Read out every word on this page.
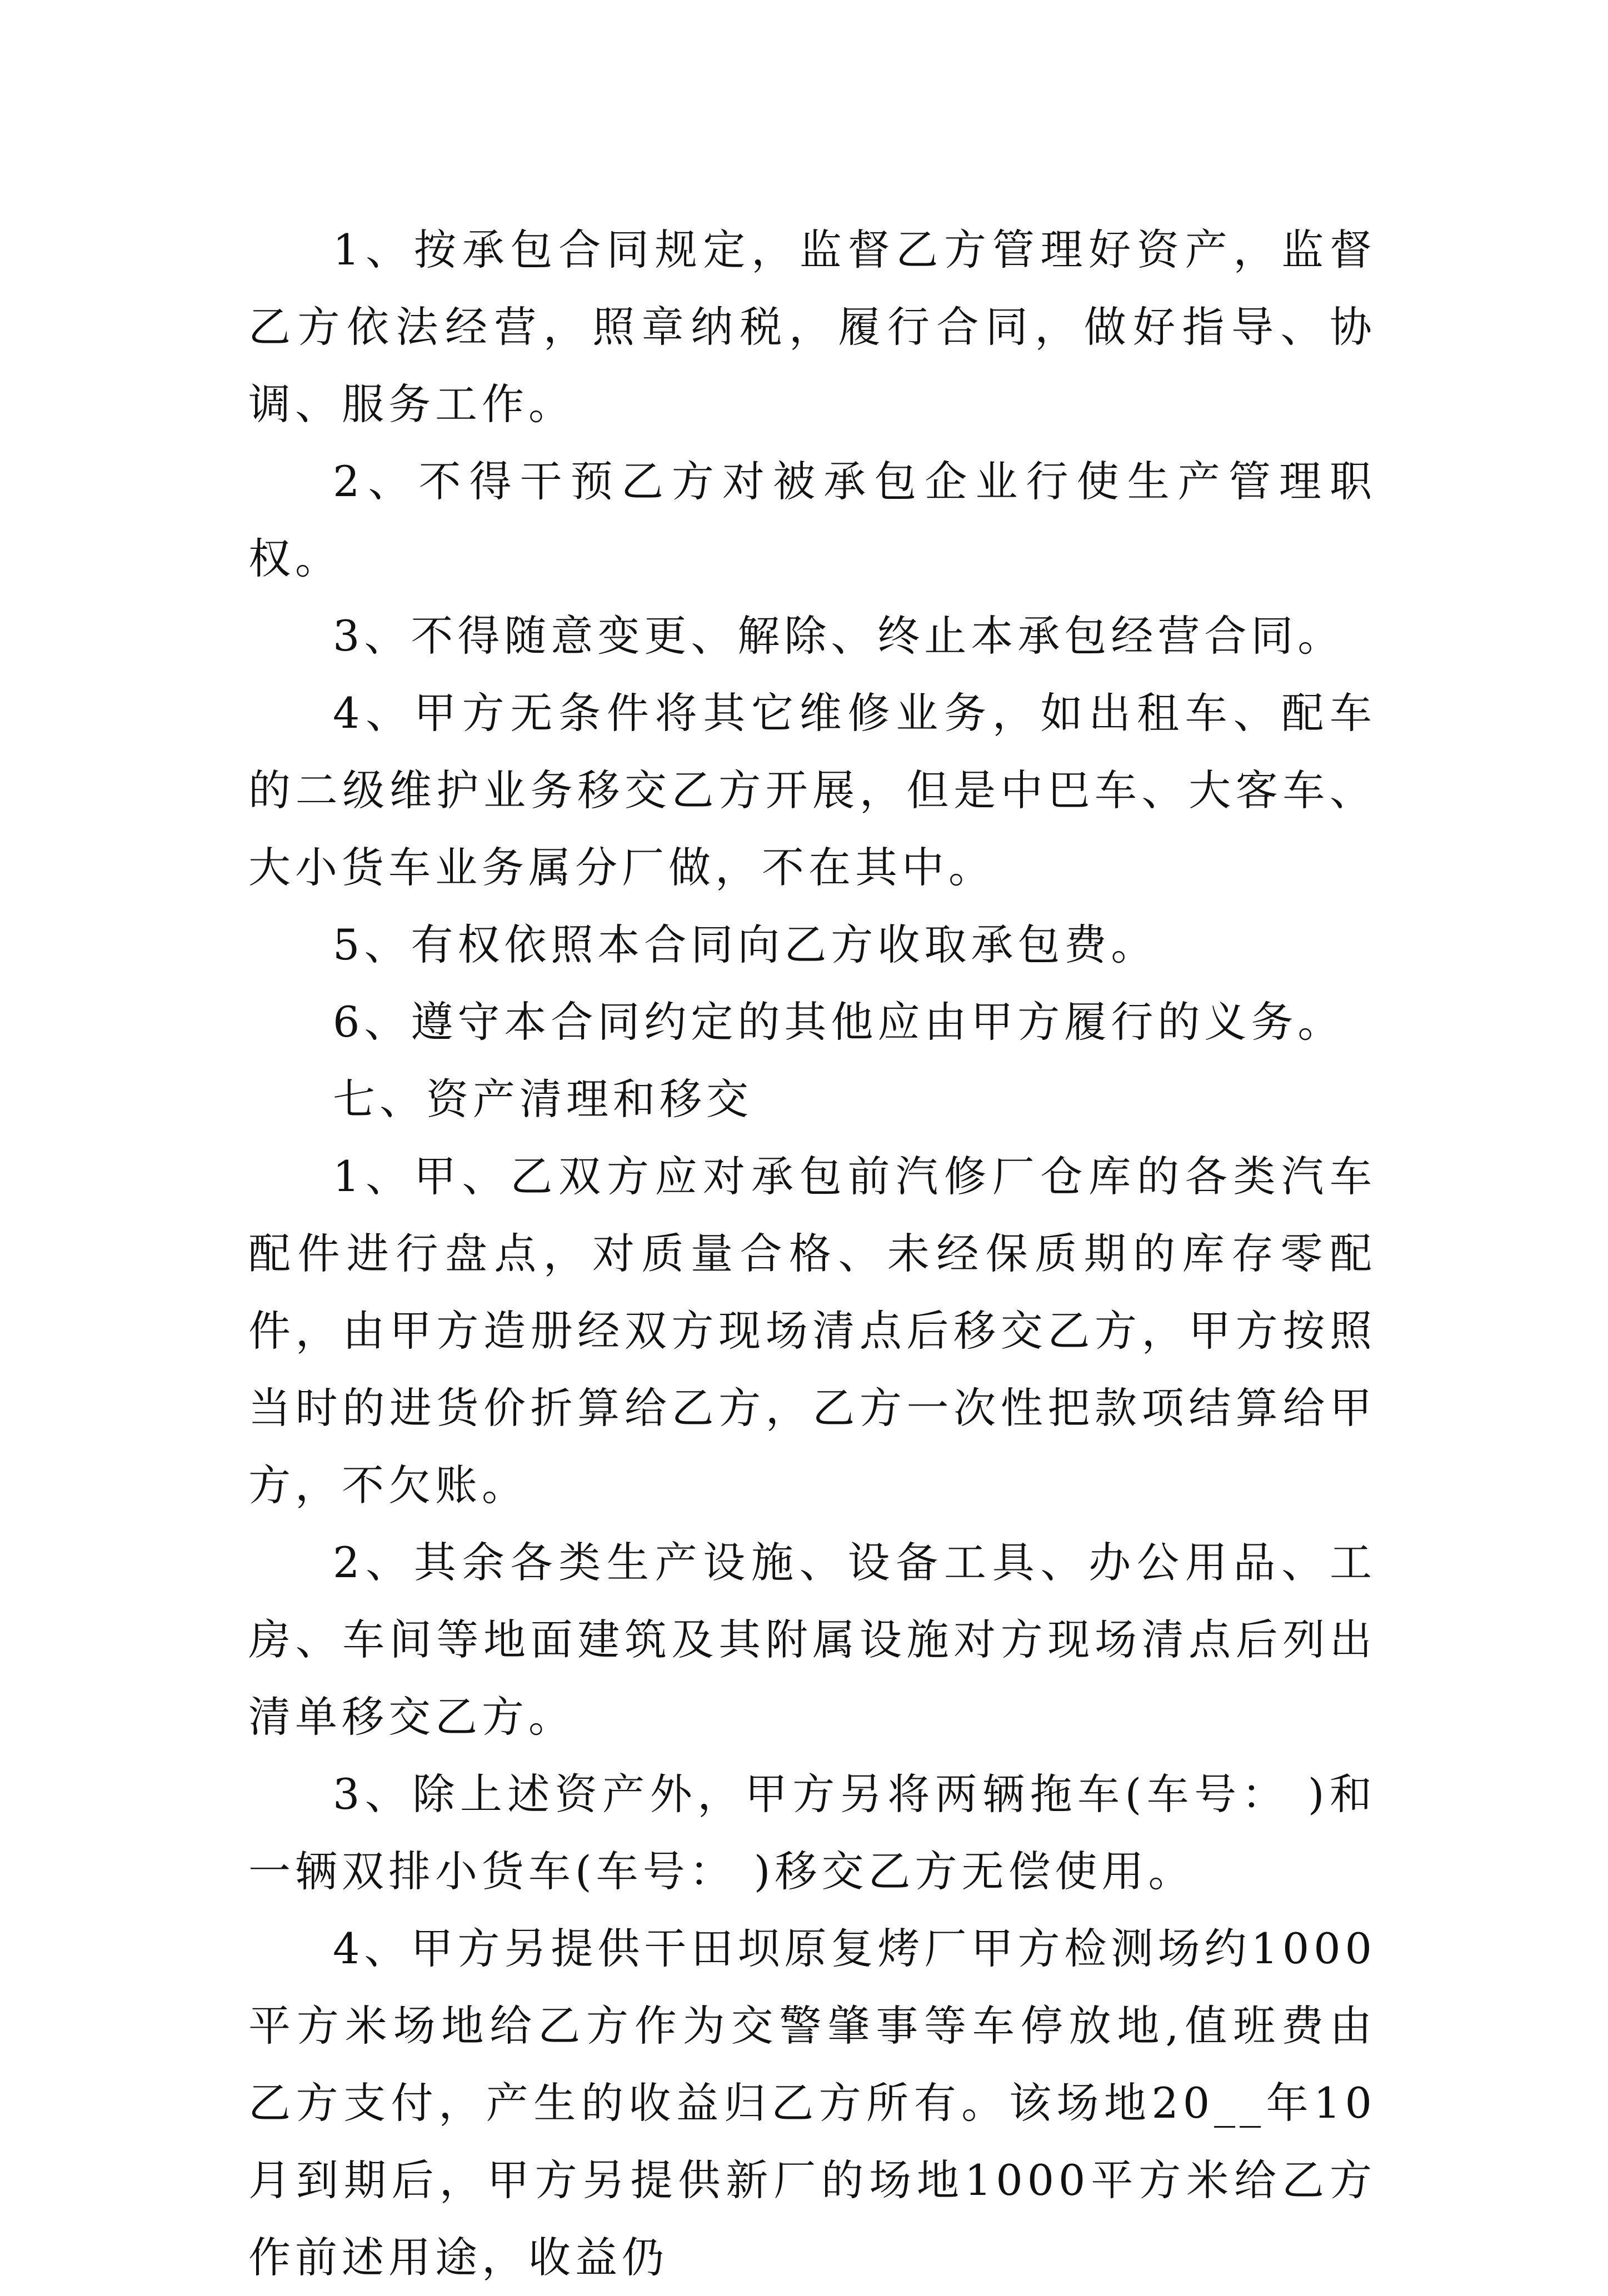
1、按承包合同规定，监督乙方管理好资产，监督乙方依法经营，照章纳税，履行合同，做好指导、协调、服务工作。

2、不得干预乙方对被承包企业行使生产管理职权。

3、不得随意变更、解除、终止本承包经营合同。

4、甲方无条件将其它维修业务，如出租车、配车的二级维护业务移交乙方开展，但是中巴车、大客车、大小货车业务属分厂做，不在其中。

5、有权依照本合同向乙方收取承包费。

6、遵守本合同约定的其他应由甲方履行的义务。

七、资产清理和移交

1、甲、乙双方应对承包前汽修厂仓库的各类汽车配件进行盘点，对质量合格、未经保质期的库存零配件，由甲方造册经双方现场清点后移交乙方，甲方按照当时的进货价折算给乙方，乙方一次性把款项结算给甲方，不欠账。

2、其余各类生产设施、设备工具、办公用品、工房、车间等地面建筑及其附属设施对方现场清点后列出清单移交乙方。

3、除上述资产外，甲方另将两辆拖车(车号： )和一辆双排小货车(车号： )移交乙方无偿使用。

4、甲方另提供干田坝原复烤厂甲方检测场约1000平方米场地给乙方作为交警肇事等车停放地,值班费由乙方支付，产生的收益归乙方所有。该场地20__年10月到期后，甲方另提供新厂的场地1000平方米给乙方作前述用途，收益仍
